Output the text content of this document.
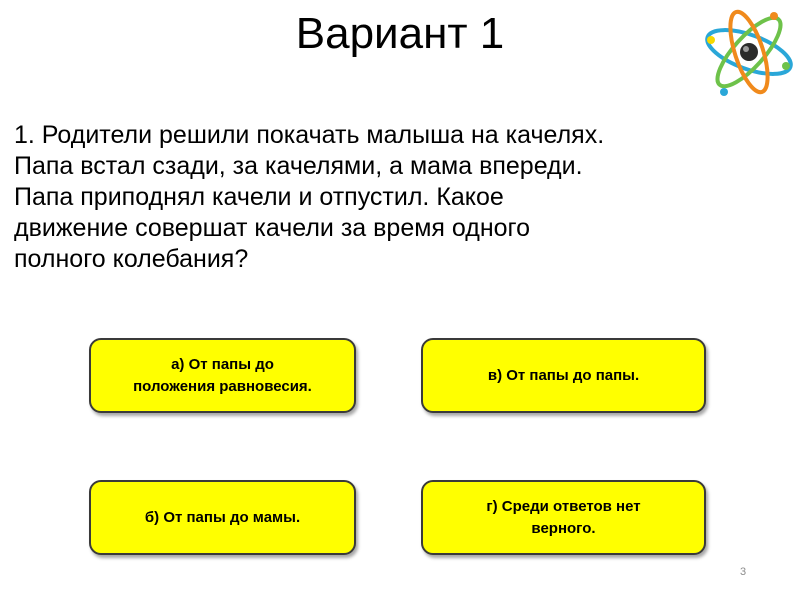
Вариант 1
1. Родители решили покачать малыша на качелях.
Папа встал сзади, за качелями, а мама впереди.
Папа приподнял качели и отпустил. Какое
движение совершат качели за время одного
полного колебания?
а) От папы до
положения равновесия.
в) От папы до папы.
б) От папы до мамы.
г) Среди ответов нет
верного.
3
